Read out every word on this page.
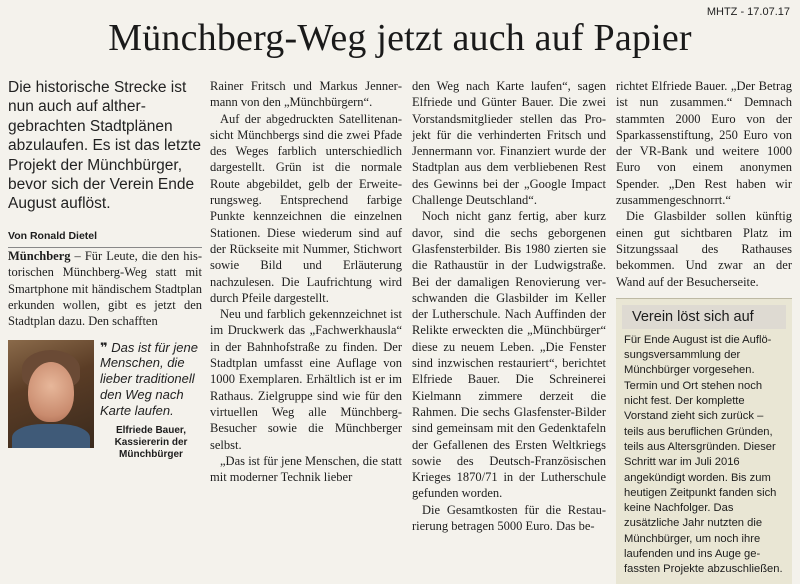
MHTZ - 17.07.17
Münchberg-Weg jetzt auch auf Papier

Die historische Strecke ist nun auch auf althergebrachten Stadtplänen abzulaufen. Es ist das letzte Projekt der Münchbürger, bevor sich der Verein Ende August auflöst.

Von Ronald Dietel

Münchberg – Für Leute, die den historischen Münchberg-Weg statt mit Smartphone mit händischem Stadtplan erkunden wollen, gibt es jetzt den Stadtplan dazu. Den schafften

❞ Das ist für jene Menschen, die lieber traditionell den Weg nach Karte laufen.

Elfriede Bauer, Kassiererin der Münchbürger

Rainer Fritsch und Markus Jennermann von den „Münchbürgern“.

Auf der abgedruckten Satellitenansicht Münchbergs sind die zwei Pfade des Weges farblich unterschiedlich dargestellt. Grün ist die normale Route abgebildet, gelb der Erweiterungsweg. Entsprechend farbige Punkte kennzeichnen die einzelnen Stationen. Diese wiederum sind auf der Rückseite mit Nummer, Stichwort sowie Bild und Erläuterung nachzulesen. Die Laufrichtung wird durch Pfeile dargestellt.

Neu und farblich gekennzeichnet ist im Druckwerk das „Fachwerkhausla“ in der Bahnhofstraße zu finden. Der Stadtplan umfasst eine Auflage von 1000 Exemplaren. Erhältlich ist er im Rathaus. Zielgruppe sind wie für den virtuellen Weg alle Münchberg-Besucher sowie die Münchberger selbst.

„Das ist für jene Menschen, die statt mit moderner Technik lieber

den Weg nach Karte laufen“, sagen Elfriede und Günter Bauer. Die zwei Vorstandsmitglieder stellen das Projekt für die verhinderten Fritsch und Jennermann vor. Finanziert wurde der Stadtplan aus dem verbliebenen Rest des Gewinns bei der „Google Impact Challenge Deutschland“.

Noch nicht ganz fertig, aber kurz davor, sind die sechs geborgenen Glasfensterbilder. Bis 1980 zierten sie die Rathaustür in der Ludwigstraße. Bei der damaligen Renovierung verschwanden die Glasbilder im Keller der Lutherschule. Nach Auffinden der Relikte erweckten die „Münchbürger“ diese zu neuem Leben. „Die Fenster sind inzwischen restauriert“, berichtet Elfriede Bauer. Die Schreinerei Kielmann zimmere derzeit die Rahmen. Die sechs Glasfenster-Bilder sind gemeinsam mit den Gedenktafeln der Gefallenen des Ersten Weltkriegs sowie des Deutsch-Französischen Krieges 1870/71 in der Lutherschule gefunden worden.

Die Gesamtkosten für die Restaurierung betragen 5000 Euro. Das be-

richtet Elfriede Bauer. „Der Betrag ist nun zusammen.“ Demnach stammten 2000 Euro von der Sparkassenstiftung, 250 Euro von der VR-Bank und weitere 1000 Euro von einem anonymen Spender. „Den Rest haben wir zusammengeschnorrt.“

Die Glasbilder sollen künftig einen gut sichtbaren Platz im Sitzungssaal des Rathauses bekommen. Und zwar an der Wand auf der Besucherseite.

Verein löst sich auf
Für Ende August ist die Auflösungsversammlung der Münchbürger vorgesehen. Termin und Ort stehen noch nicht fest. Der komplette Vorstand zieht sich zurück – teils aus beruflichen Gründen, teils aus Altersgründen. Dieser Schritt war im Juli 2016 angekündigt worden. Bis zum heutigen Zeitpunkt fanden sich keine Nachfolger. Das zusätzliche Jahr nutzten die Münchbürger, um noch ihre laufenden und ins Auge gefassten Projekte abzuschließen.
